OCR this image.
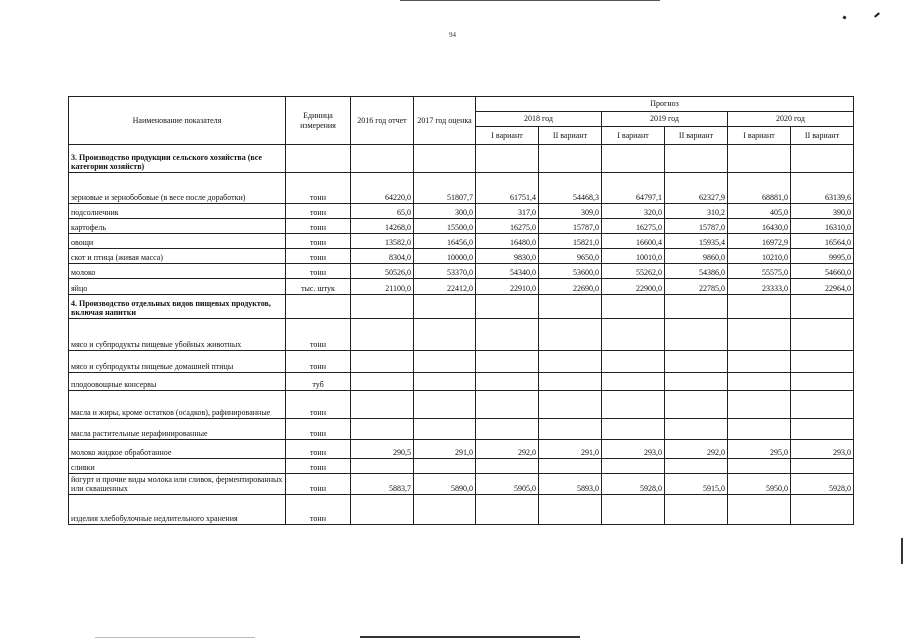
94
Наименование показателя	Единица измерения	2016 год отчет	2017 год оценка	Прогноз					
				2018 год		2019 год		2020 год	
				I вариант	II вариант	I вариант	II вариант	I вариант	II вариант
3. Производство продукции сельского хозяйства (все категории хозяйств)									
зерновые и зернобобовые (в весе после доработки)	тонн	64220,0	51807,7	61751,4	54468,3	64797,1	62327,9	68881,0	63139,6
подсолнечник	тонн	65,0	300,0	317,0	309,0	320,0	310,2	405,0	390,0
картофель	тонн	14268,0	15500,0	16275,0	15787,0	16275,0	15787,0	16430,0	16310,0
овощи	тонн	13582,0	16456,0	16480,0	15821,0	16600,4	15935,4	16972,9	16564,0
скот и птица (живая масса)	тонн	8304,0	10000,0	9830,0	9650,0	10010,0	9860,0	10210,0	9995,0
молоко	тонн	50526,0	53370,0	54340,0	53600,0	55262,0	54386,0	55575,0	54660,0
яйцо	тыс. штук	21100,0	22412,0	22910,0	22690,0	22900,0	22785,0	23333,0	22964,0
4. Производство отдельных видов пищевых продуктов, включая напитки									
мясо и субпродукты пищевые убойных животных	тонн								
мясо и субпродукты пищевые домашней птицы	тонн								
плодоовощные консервы	туб								
масла и жиры, кроме остатков (осадков), рафинированные	тонн								
масла растительные нерафинированные	тонн								
молоко жидкое обработанное	тонн	290,5	291,0	292,0	291,0	293,0	292,0	295,0	293,0
сливки	тонн								
йогурт и прочие виды молока или сливок, ферментированных или сквашенных	тонн	5883,7	5890,0	5905,0	5893,0	5928,0	5915,0	5950,0	5928,0
изделия хлебобулочные недлительного хранения	тонн								
